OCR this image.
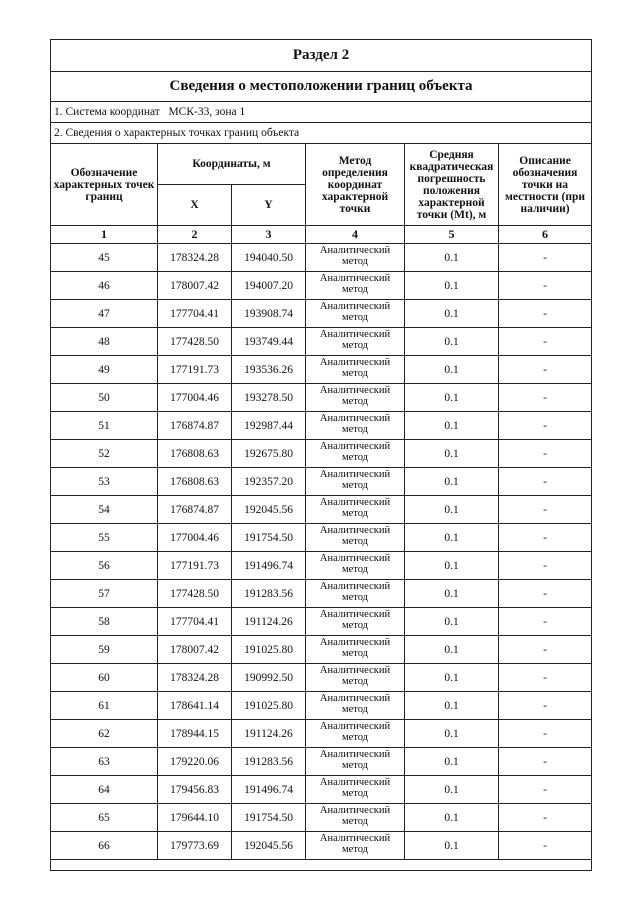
Раздел 2					
Сведения о местоположении границ объекта					
1. Система координат   МСК-33, зона 1					
2. Сведения о характерных точках границ объекта					
Обозначение характерных точек границ	Координаты, м		Метод определения координат характерной точки	Средняя квадратическая погрешность положения характерной точки (Mt), м	Описание обозначения точки на местности (при наличии)
	X	Y			
1	2	3	4	5	6
45	178324.28	194040.50	Аналитический метод	0.1	-
46	178007.42	194007.20	Аналитический метод	0.1	-
47	177704.41	193908.74	Аналитический метод	0.1	-
48	177428.50	193749.44	Аналитический метод	0.1	-
49	177191.73	193536.26	Аналитический метод	0.1	-
50	177004.46	193278.50	Аналитический метод	0.1	-
51	176874.87	192987.44	Аналитический метод	0.1	-
52	176808.63	192675.80	Аналитический метод	0.1	-
53	176808.63	192357.20	Аналитический метод	0.1	-
54	176874.87	192045.56	Аналитический метод	0.1	-
55	177004.46	191754.50	Аналитический метод	0.1	-
56	177191.73	191496.74	Аналитический метод	0.1	-
57	177428.50	191283.56	Аналитический метод	0.1	-
58	177704.41	191124.26	Аналитический метод	0.1	-
59	178007.42	191025.80	Аналитический метод	0.1	-
60	178324.28	190992.50	Аналитический метод	0.1	-
61	178641.14	191025.80	Аналитический метод	0.1	-
62	178944.15	191124.26	Аналитический метод	0.1	-
63	179220.06	191283.56	Аналитический метод	0.1	-
64	179456.83	191496.74	Аналитический метод	0.1	-
65	179644.10	191754.50	Аналитический метод	0.1	-
66	179773.69	192045.56	Аналитический метод	0.1	-
